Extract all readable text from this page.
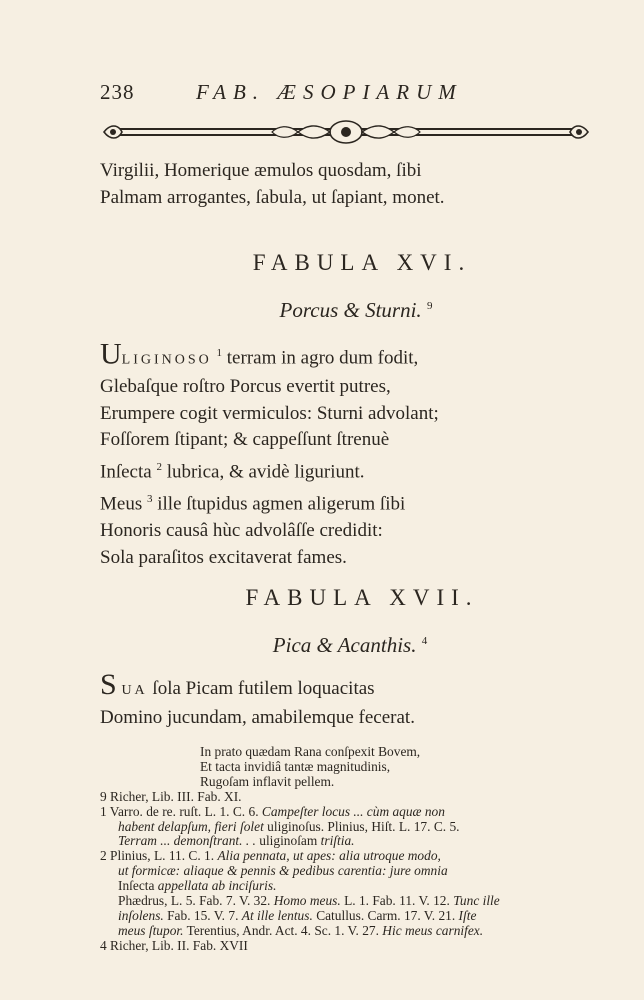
238	FAB. ÆSOPIARUM
Virgilii, Homerique æmulos quosdam, ſibi
Palmam arrogantes, ſabula, ut ſapiant, monet.
FABULA XVI.
Porcus & Sturni. $^9$
ULIGINOSO $^1$ terram in agro dum fodit,
Glebaſque roſtro Porcus evertit putres,
Erumpere cogit vermiculos: Sturni advolant;
Foſſorem ſtipant; & cappeſſunt ſtrenuè
Inſecta $^2$ lubrica, & avidè liguriunt.
Meus $^3$ ille ſtupidus agmen aligerum ſibi
Honoris causâ hùc advolâſſe credidit:
Sola paraſitos excitaverat fames.
FABULA XVII.
Pica & Acanthis. $^4$
S UA ſola Picam futilem loquacitas
Domino jucundam, amabilemque fecerat.
In prato quædam Rana conſpexit Bovem,
Et tacta invidiâ tantæ magnitudinis,
Rugoſam inflavit pellem.
9 Richer, Lib. III. Fab. XI.
1 Varro. de re. ruſt. L. 1. C. 6. Campeſter locus ... cùm aquæ non
habent delapſum, fieri ſolet uliginoſus. Plinius, Hiſt. L. 17. C. 5.
Terram ... demonſtrant. . . uliginoſam triſtia.
2 Plinius, L. 11. C. 1. Alia pennata, ut apes: alia utroque modo,
ut formicæ: aliaque & pennis & pedibus carentia: jure omnia
Inſecta appellata ab inciſuris.
Phædrus, L. 5. Fab. 7. V. 32. Homo meus. L. 1. Fab. 11. V. 12. Tunc ille
inſolens. Fab. 15. V. 7. At ille lentus. Catullus. Carm. 17. V. 21. Iſte
meus ſtupor. Terentius, Andr. Act. 4. Sc. 1. V. 27. Hic meus carnifex.
4 Richer, Lib. II. Fab. XVII
